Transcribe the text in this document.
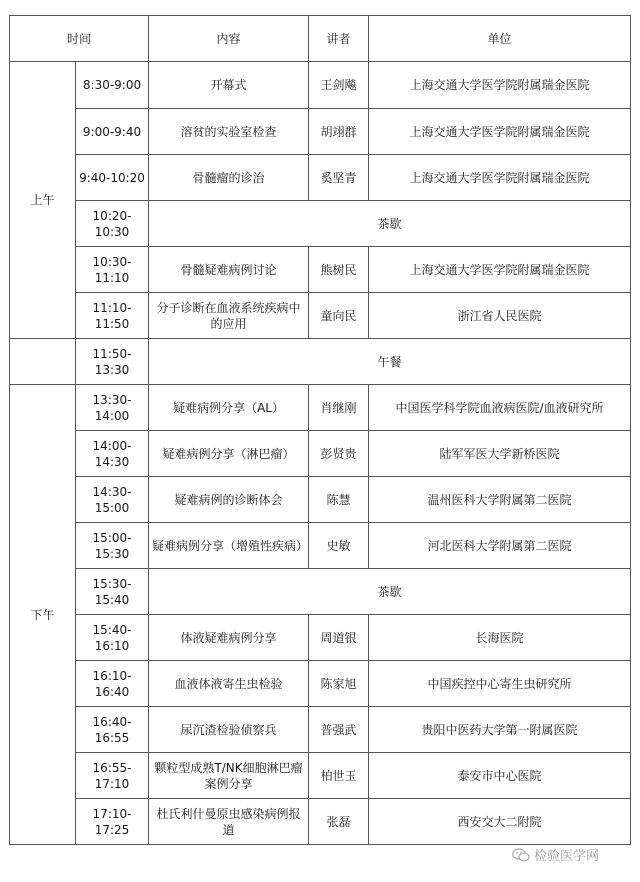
时间		内容	讲者	单位
上午	8:30-9:00	开幕式	王剑飚	上海交通大学医学院附属瑞金医院
	9:00-9:40	溶贫的实验室检查	胡翊群	上海交通大学医学院附属瑞金医院
	9:40-10:20	骨髓瘤的诊治	奚坚青	上海交通大学医学院附属瑞金医院
	10:20-10:30	茶歇		
	10:30-11:10	骨髓疑难病例讨论	熊树民	上海交通大学医学院附属瑞金医院
	11:10-11:50	分子诊断在血液系统疾病中的应用	童向民	浙江省人民医院
	11:50-13:30	午餐		
下午	13:30-14:00	疑难病例分享（AL）	肖继刚	中国医学科学院血液病医院/血液研究所
	14:00-14:30	疑难病例分享（淋巴瘤）	彭贤贵	陆军军医大学新桥医院
	14:30-15:00	疑难病例的诊断体会	陈慧	温州医科大学附属第二医院
	15:00-15:30	疑难病例分享（增殖性疾病）	史敏	河北医科大学附属第二医院
	15:30-15:40	茶歇		
	15:40-16:10	体液疑难病例分享	周道银	长海医院
	16:10-16:40	血液体液寄生虫检验	陈家旭	中国疾控中心寄生虫研究所
	16:40-16:55	尿沉渣检验侦察兵	普强武	贵阳中医药大学第一附属医院
	16:55-17:10	颗粒型成熟T/NK细胞淋巴瘤案例分享	柏世玉	泰安市中心医院
	17:10-17:25	杜氏利什曼原虫感染病例报道	张磊	西安交大二附院
检验医学网
